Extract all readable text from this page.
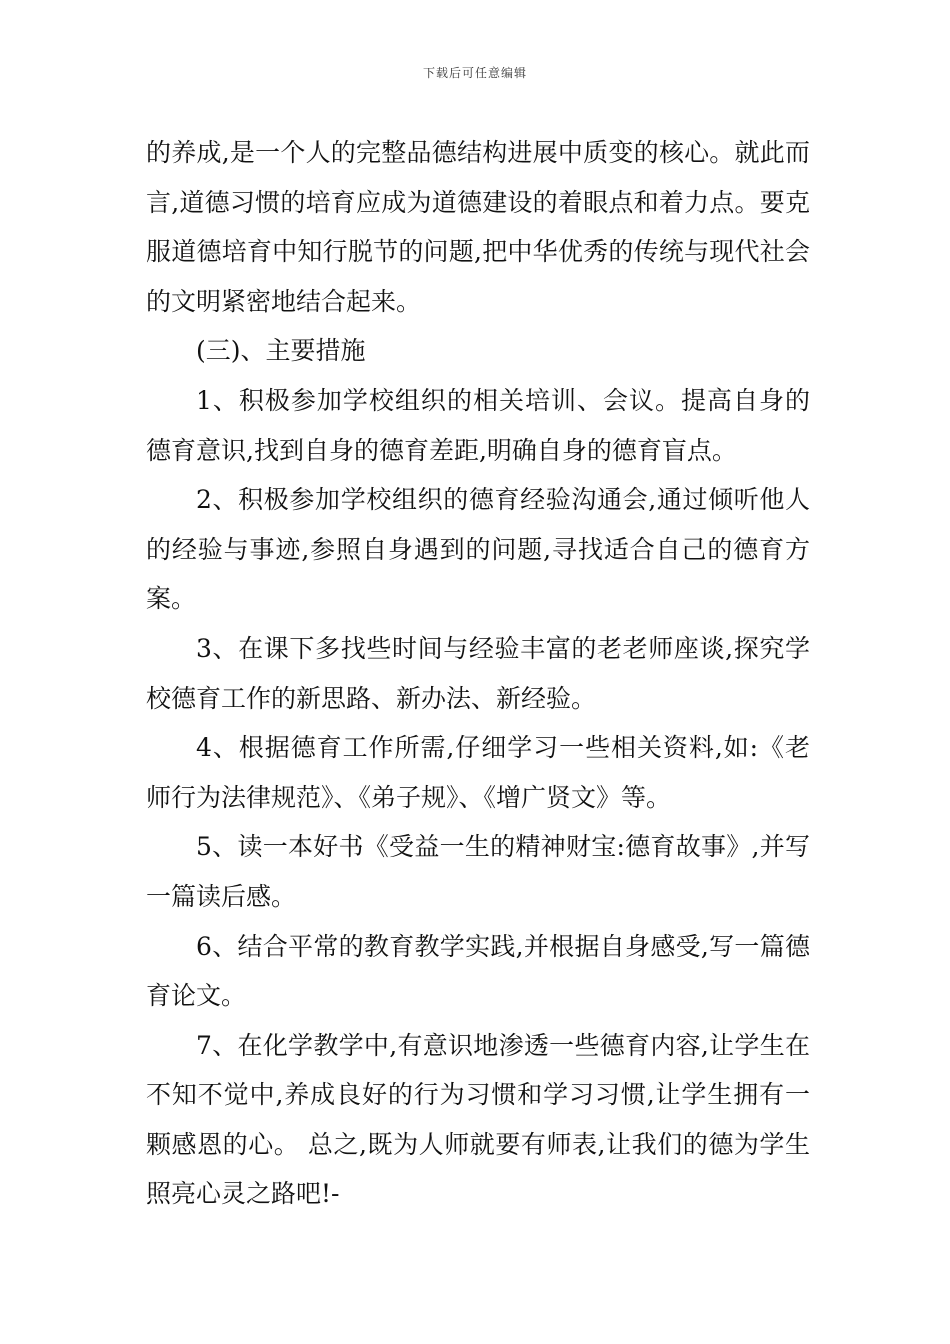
下载后可任意编辑

的养成,是一个人的完整品德结构进展中质变的核心。就此而言,道德习惯的培育应成为道德建设的着眼点和着力点。要克服道德培育中知行脱节的问题,把中华优秀的传统与现代社会的文明紧密地结合起来。

(三)、主要措施

1、积极参加学校组织的相关培训、会议。提高自身的德育意识,找到自身的德育差距,明确自身的德育盲点。

2、积极参加学校组织的德育经验沟通会,通过倾听他人的经验与事迹,参照自身遇到的问题,寻找适合自己的德育方案。

3、在课下多找些时间与经验丰富的老老师座谈,探究学校德育工作的新思路、新办法、新经验。

4、根据德育工作所需,仔细学习一些相关资料,如:《老师行为法律规范》、《弟子规》、《增广贤文》等。

5、读一本好书《受益一生的精神财宝:德育故事》,并写一篇读后感。

6、结合平常的教育教学实践,并根据自身感受,写一篇德育论文。

7、在化学教学中,有意识地渗透一些德育内容,让学生在不知不觉中,养成良好的行为习惯和学习习惯,让学生拥有一颗感恩的心。 总之,既为人师就要有师表,让我们的德为学生照亮心灵之路吧!-
